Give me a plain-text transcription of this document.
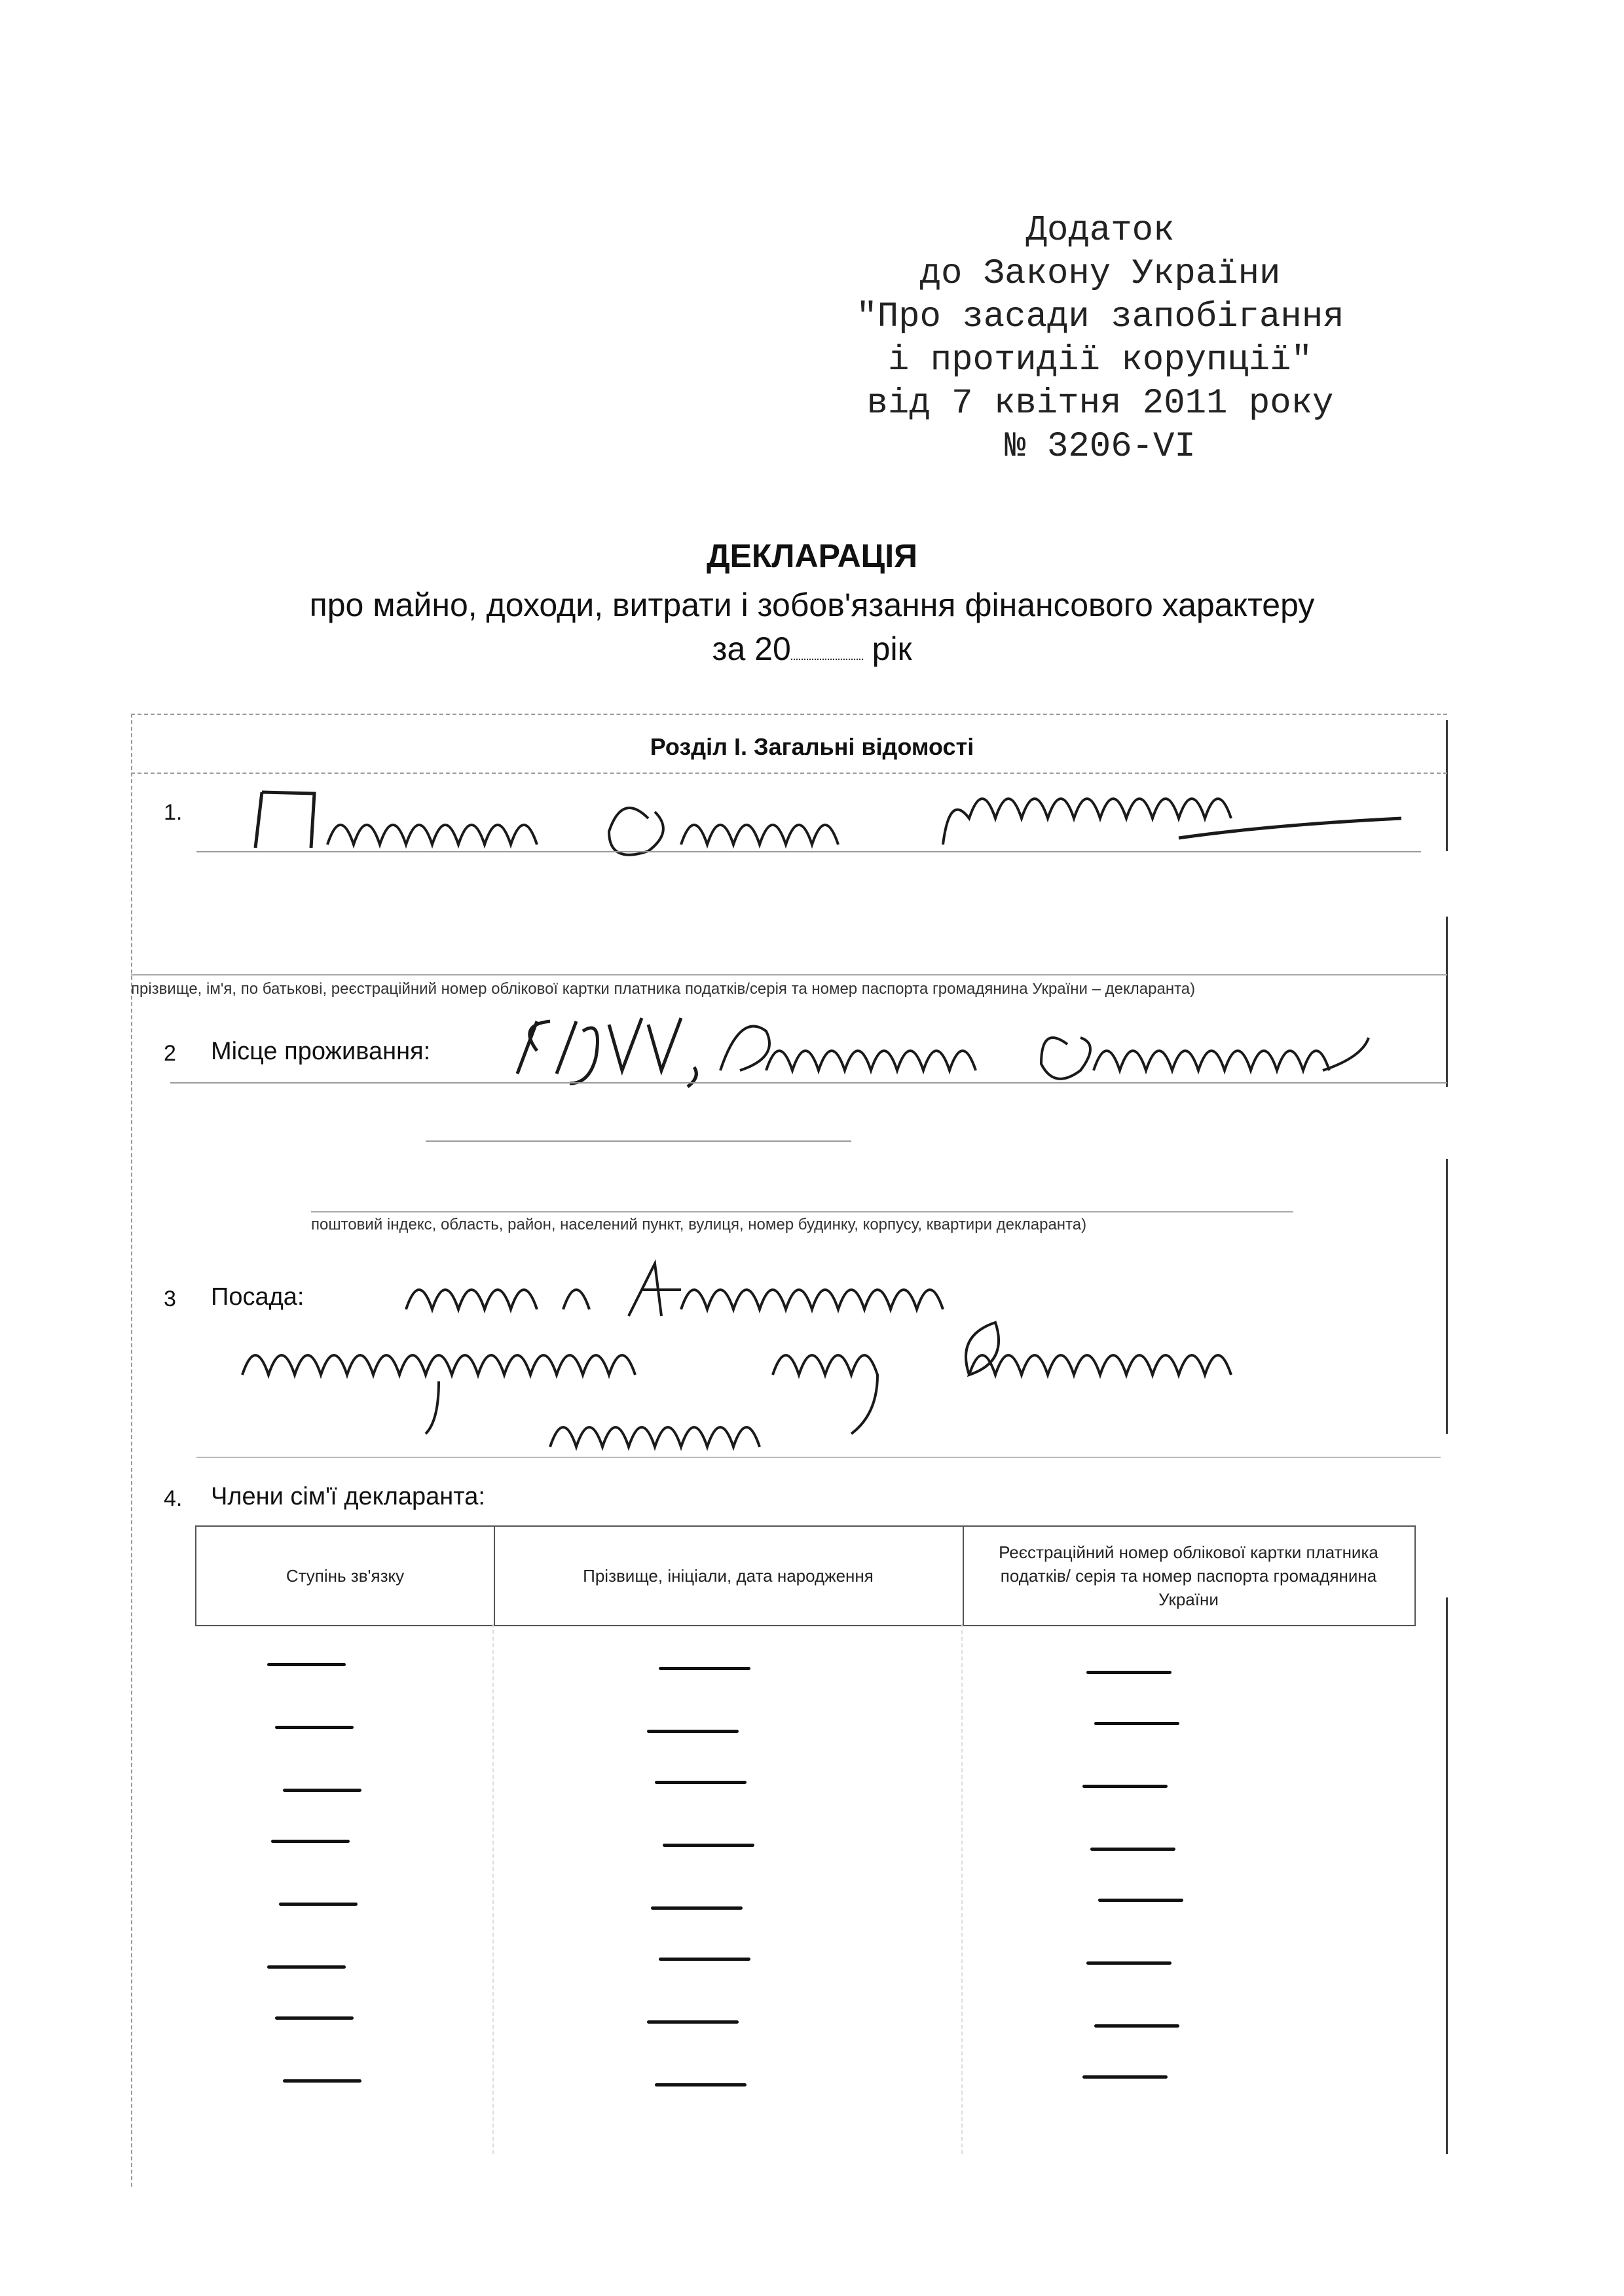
Додаток
до Закону України
"Про засади запобігання
і протидії корупції"
від 7 квітня 2011 року
№ 3206-VI
ДЕКЛАРАЦІЯ
про майно, доходи, витрати і зобов'язання фінансового характеру
за 20 рік
Розділ І. Загальні відомості
1.
прізвище, ім'я, по батькові, реєстраційний номер облікової картки платника податків/серія та номер паспорта громадянина України – декларанта)
2 Місце проживання:
поштовий індекс, область, район, населений пункт, вулиця, номер будинку, корпусу, квартири декларанта)
3 Посада:
4. Члени сім'ї декларанта:
Ступінь зв'язку	Прізвище, ініціали, дата народження
Реєстраційний номер облікової картки платника податків/ серія та номер паспорта громадянина України
